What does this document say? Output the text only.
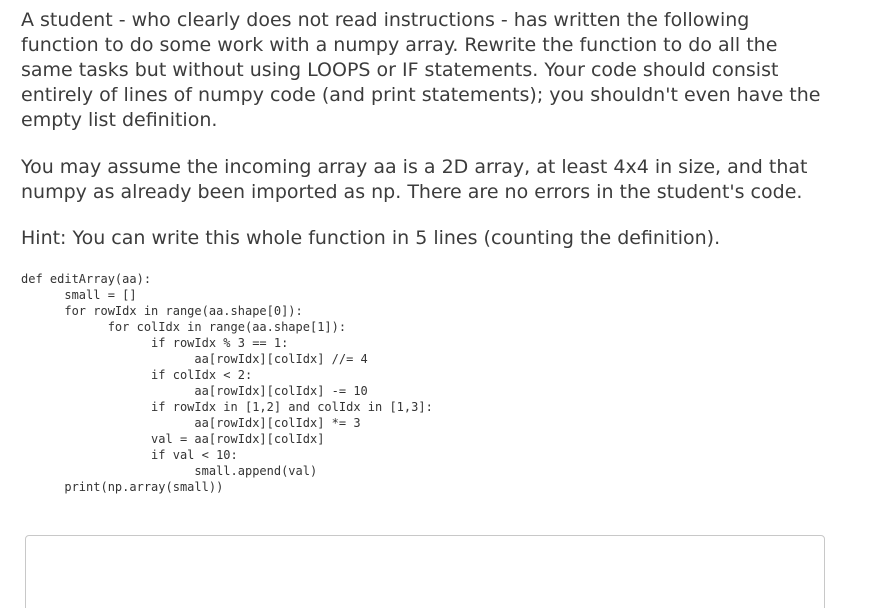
A student - who clearly does not read instructions - has written the following
function to do some work with a numpy array. Rewrite the function to do all the
same tasks but without using LOOPS or IF statements. Your code should consist
entirely of lines of numpy code (and print statements); you shouldn't even have the
empty list definition.
You may assume the incoming array aa is a 2D array, at least 4x4 in size, and that
numpy as already been imported as np. There are no errors in the student's code.
Hint: You can write this whole function in 5 lines (counting the definition).
def editArray(aa):
small = []
for rowIdx in range(aa.shape[0]):
for colIdx in range(aa.shape[1]):
if rowIdx % 3 == 1:
aa[rowIdx][colIdx] //= 4
if colIdx < 2:
aa[rowIdx][colIdx] -= 10
if rowIdx in [1,2] and colIdx in [1,3]:
aa[rowIdx][colIdx] *= 3
val = aa[rowIdx][colIdx]
if val < 10:
small.append(val)
print(np.array(small))
